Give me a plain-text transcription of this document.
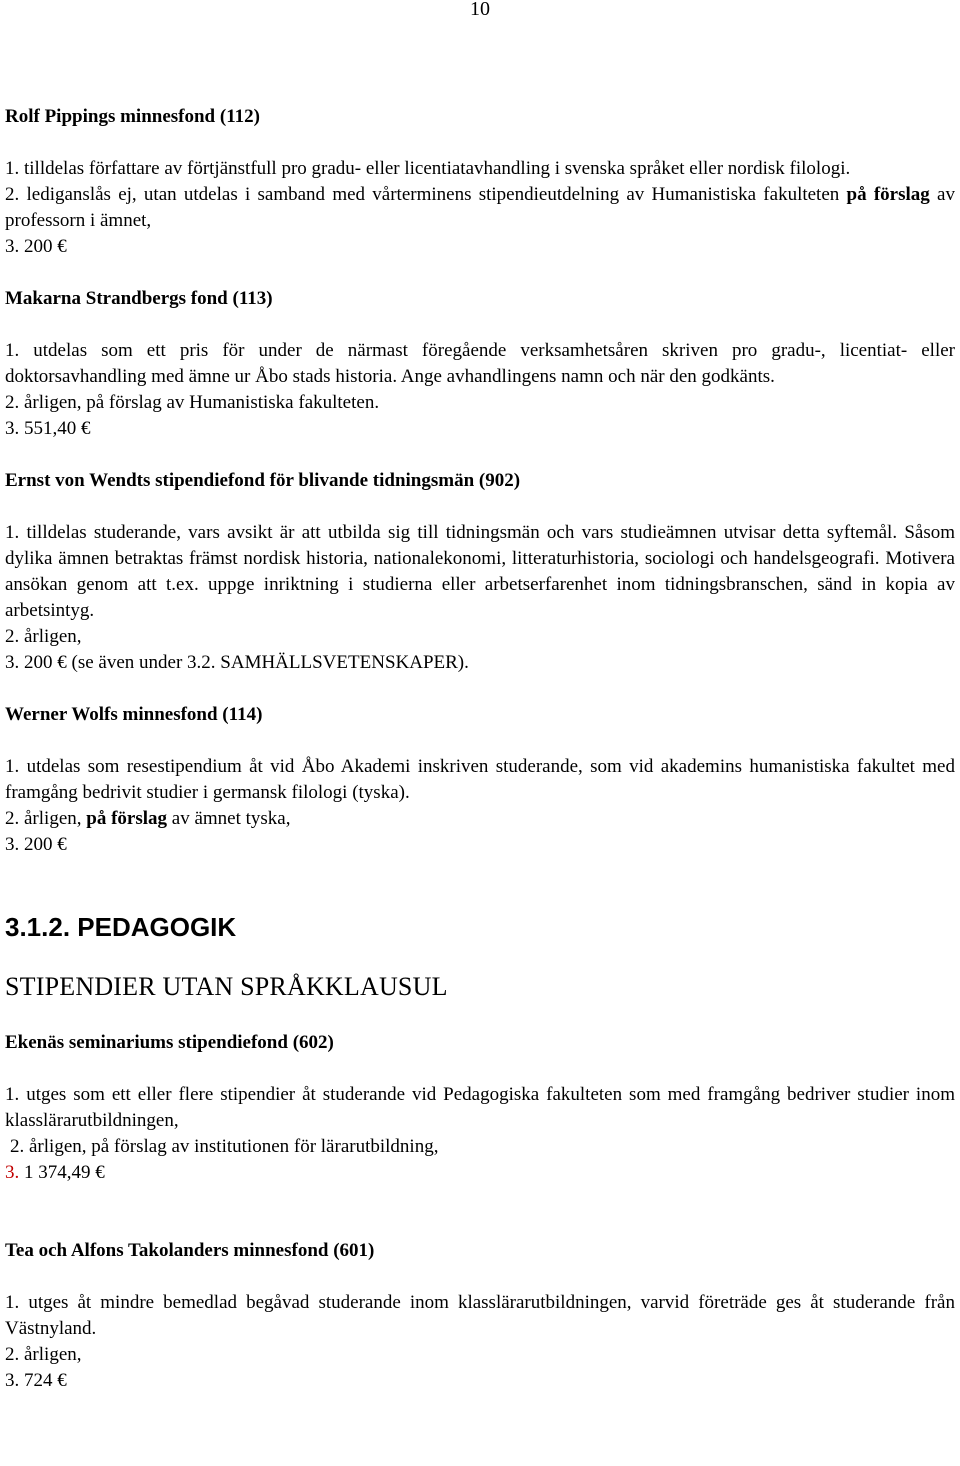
10

Rolf Pippings minnesfond (112)

1. tilldelas författare av förtjänstfull pro gradu- eller licentiatavhandling i svenska språket eller nordisk filologi.

2. lediganslås ej, utan utdelas i samband med vårterminens stipendieutdelning av Humanistiska fakulteten på förslag av professorn i ämnet,

3. 200 €

Makarna Strandbergs fond (113)

1. utdelas som ett pris för under de närmast föregående verksamhetsåren skriven pro gradu-, licentiat- eller doktorsavhandling med ämne ur Åbo stads historia. Ange avhandlingens namn och när den godkänts.

2. årligen, på förslag av Humanistiska fakulteten.

3. 551,40 €

Ernst von Wendts stipendiefond för blivande tidningsmän (902)

1. tilldelas studerande, vars avsikt är att utbilda sig till tidningsmän och vars studieämnen utvisar detta syftemål. Såsom dylika ämnen betraktas främst nordisk historia, nationalekonomi, litteraturhistoria, sociologi och handelsgeografi. Motivera ansökan genom att t.ex. uppge inriktning i studierna eller arbetserfarenhet inom tidningsbranschen, sänd in kopia av arbetsintyg.

2. årligen,

3. 200 € (se även under 3.2. SAMHÄLLSVETENSKAPER).

Werner Wolfs minnesfond (114)

1. utdelas som resestipendium åt vid Åbo Akademi inskriven studerande, som vid akademins humanistiska fakultet med framgång bedrivit studier i germansk filologi (tyska).

2. årligen, på förslag av ämnet tyska,

3. 200 €

3.1.2. PEDAGOGIK

STIPENDIER UTAN SPRÅKKLAUSUL

Ekenäs seminariums stipendiefond (602)

1. utges som ett eller flere stipendier åt studerande vid Pedagogiska fakulteten som med framgång bedriver studier inom klasslärarutbildningen,

2. årligen, på förslag av institutionen för lärarutbildning,

3. 1 374,49 €

Tea och Alfons Takolanders minnesfond (601)

1. utges åt mindre bemedlad begåvad studerande inom klasslärarutbildningen, varvid företräde ges åt studerande från Västnyland.

2. årligen,

3. 724 €
